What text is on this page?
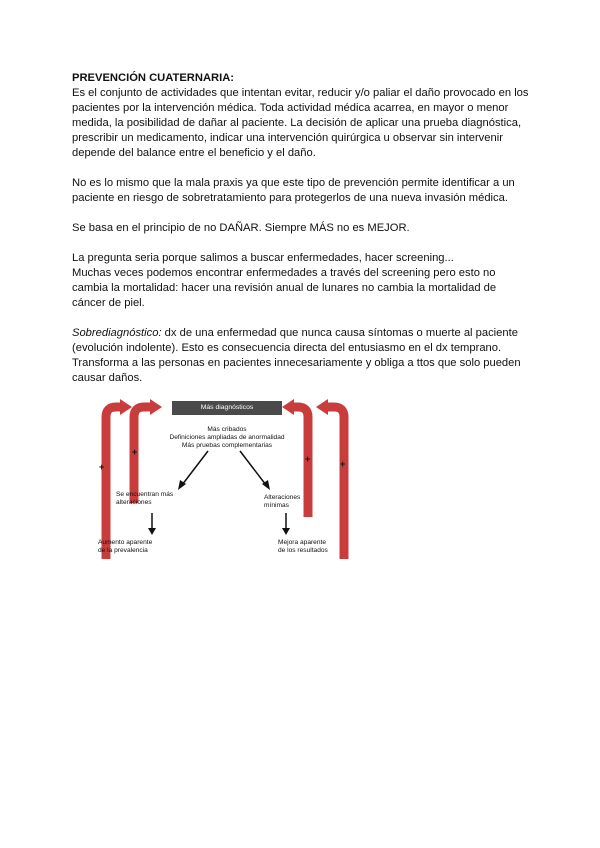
PREVENCIÓN CUATERNARIA:

Es el conjunto de actividades que intentan evitar, reducir y/o paliar el daño provocado en los pacientes por la intervención médica. Toda actividad médica acarrea, en mayor o menor medida, la posibilidad de dañar al paciente. La decisión de aplicar una prueba diagnóstica, prescribir un medicamento, indicar una intervención quirúrgica u observar sin intervenir depende del balance entre el beneficio y el daño.

No es lo mismo que la mala praxis ya que este tipo de prevención permite identificar a un paciente en riesgo de sobretratamiento para protegerlos de una nueva invasión médica.

Se basa en el principio de no DAÑAR. Siempre MÁS no es MEJOR.

La pregunta seria porque salimos a buscar enfermedades, hacer screening...

Muchas veces podemos encontrar enfermedades a través del screening pero esto no cambia la mortalidad: hacer una revisión anual de lunares no cambia la mortalidad de cáncer de piel.

Sobrediagnóstico: dx de una enfermedad que nunca causa síntomas o muerte al paciente (evolución indolente). Esto es consecuencia directa del entusiasmo en el dx temprano. Transforma a las personas en pacientes innecesariamente y obliga a ttos que solo pueden causar daños.

Más diagnósticos
+
+
+	+
Más cribados
Definiciones ampliadas de anormalidad
Más pruebas complementarias
Se encuentran más
alteraciones
Alteraciones
mínimas
Aumento aparente
de la prevalencia
Mejora aparente
de los resultados
